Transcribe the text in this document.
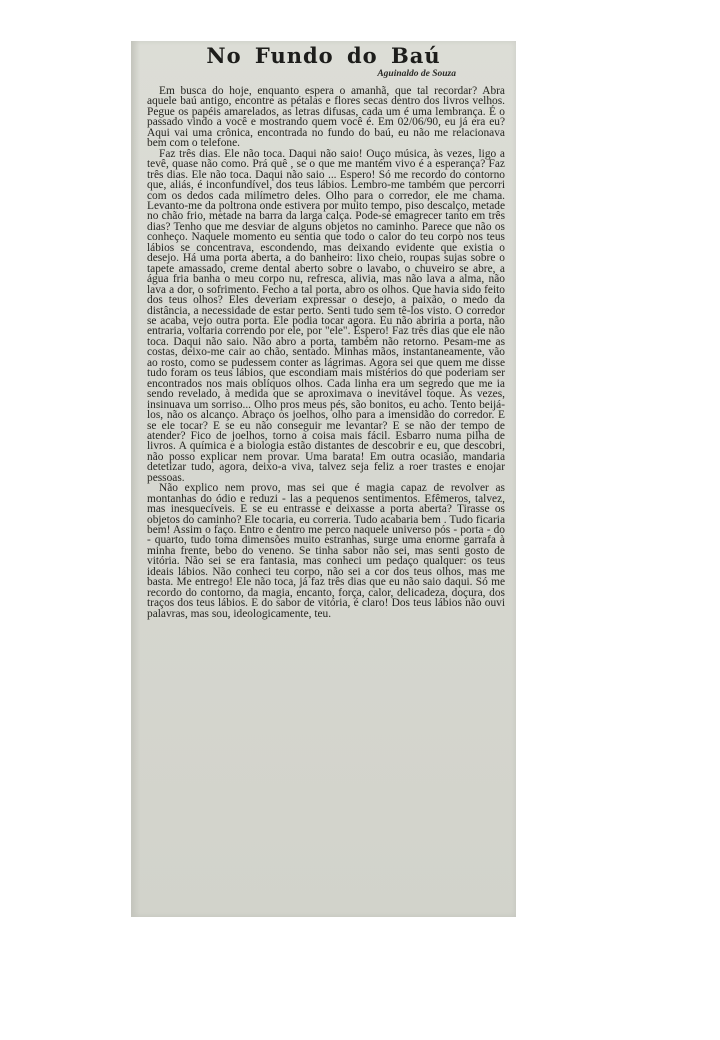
No Fundo do Baú
Aguinaldo de Souza

Em busca do hoje, enquanto espera o amanhã, que tal recordar? Abra aquele baú antigo, encontre as pétalas e flores secas dentro dos livros velhos. Pegue os papéis amarelados, as letras difusas, cada um é uma lembrança. É o passado vindo a você e mostrando quem você é. Em 02/06/90, eu já era eu? Aqui vai uma crônica, encontrada no fundo do baú, eu não me relacionava bem com o telefone.

Faz três dias. Ele não toca. Daqui não saio! Ouço música, às vezes, ligo a tevê, quase não como. Prá quê , se o que me mantém vivo é a esperança? Faz três dias. Ele não toca. Daqui não saio ... Espero! Só me recordo do contorno que, aliás, é inconfundível, dos teus lábios. Lembro-me também que percorri com os dedos cada milímetro deles. Olho para o corredor, ele me chama. Levanto-me da poltrona onde estivera por muito tempo, piso descalço, metade no chão frio, metade na barra da larga calça. Pode-se emagrecer tanto em três dias? Tenho que me desviar de alguns objetos no caminho. Parece que não os conheço. Naquele momento eu sentia que todo o calor do teu corpo nos teus lábios se concentrava, escondendo, mas deixando evidente que existia o desejo. Há uma porta aberta, a do banheiro: lixo cheio, roupas sujas sobre o tapete amassado, creme dental aberto sobre o lavabo, o chuveiro se abre, a água fria banha o meu corpo nu, refresca, alivia, mas não lava a alma, não lava a dor, o sofrimento. Fecho a tal porta, abro os olhos. Que havia sido feito dos teus olhos? Eles deveriam expressar o desejo, a paixão, o medo da distância, a necessidade de estar perto. Senti tudo sem tê-los visto. O corredor se acaba, vejo outra porta. Ele podia tocar agora. Eu não abriria a porta, não entraria, voltaria correndo por ele, por "ele". Espero! Faz três dias que ele não toca. Daqui não saio. Não abro a porta, também não retorno. Pesam-me as costas, deixo-me cair ao chão, sentado. Minhas mãos, instantaneamente, vão ao rosto, como se pudessem conter as lágrimas. Agora sei que quem me disse tudo foram os teus lábios, que escondiam mais mistérios do que poderiam ser encontrados nos mais oblíquos olhos. Cada linha era um segredo que me ia sendo revelado, à medida que se aproximava o inevitável toque. Às vezes, insinuava um sorriso... Olho pros meus pés, são bonitos, eu acho. Tento beijá-los, não os alcanço. Abraço os joelhos, olho para a imensidão do corredor. E se ele tocar? E se eu não conseguir me levantar? E se não der tempo de atender? Fico de joelhos, torno a coisa mais fácil. Esbarro numa pilha de livros. A química e a biologia estão distantes de descobrir e eu, que descobri, não posso explicar nem provar. Uma barata! Em outra ocasião, mandaria detetizar tudo, agora, deixo-a viva, talvez seja feliz a roer trastes e enojar pessoas.

Não explico nem provo, mas sei que é magia capaz de revolver as montanhas do ódio e reduzi - las a pequenos sentimentos. Efêmeros, talvez, mas inesquecíveis. E se eu entrasse e deixasse a porta aberta? Tirasse os objetos do caminho? Ele tocaria, eu correria. Tudo acabaria bem . Tudo ficaria bem! Assim o faço. Entro e dentro me perco naquele universo pós - porta - do - quarto, tudo toma dimensões muito estranhas, surge uma enorme garrafa à minha frente, bebo do veneno. Se tinha sabor não sei, mas senti gosto de vitória. Não sei se era fantasia, mas conheci um pedaço qualquer: os teus ideais lábios. Não conheci teu corpo, não sei a cor dos teus olhos, mas me basta. Me entrego! Ele não toca, já faz três dias que eu não saio daqui. Só me recordo do contorno, da magia, encanto, força, calor, delicadeza, doçura, dos traços dos teus lábios. E do sabor de vitória, é claro! Dos teus lábios não ouvi palavras, mas sou, ideologicamente, teu.
